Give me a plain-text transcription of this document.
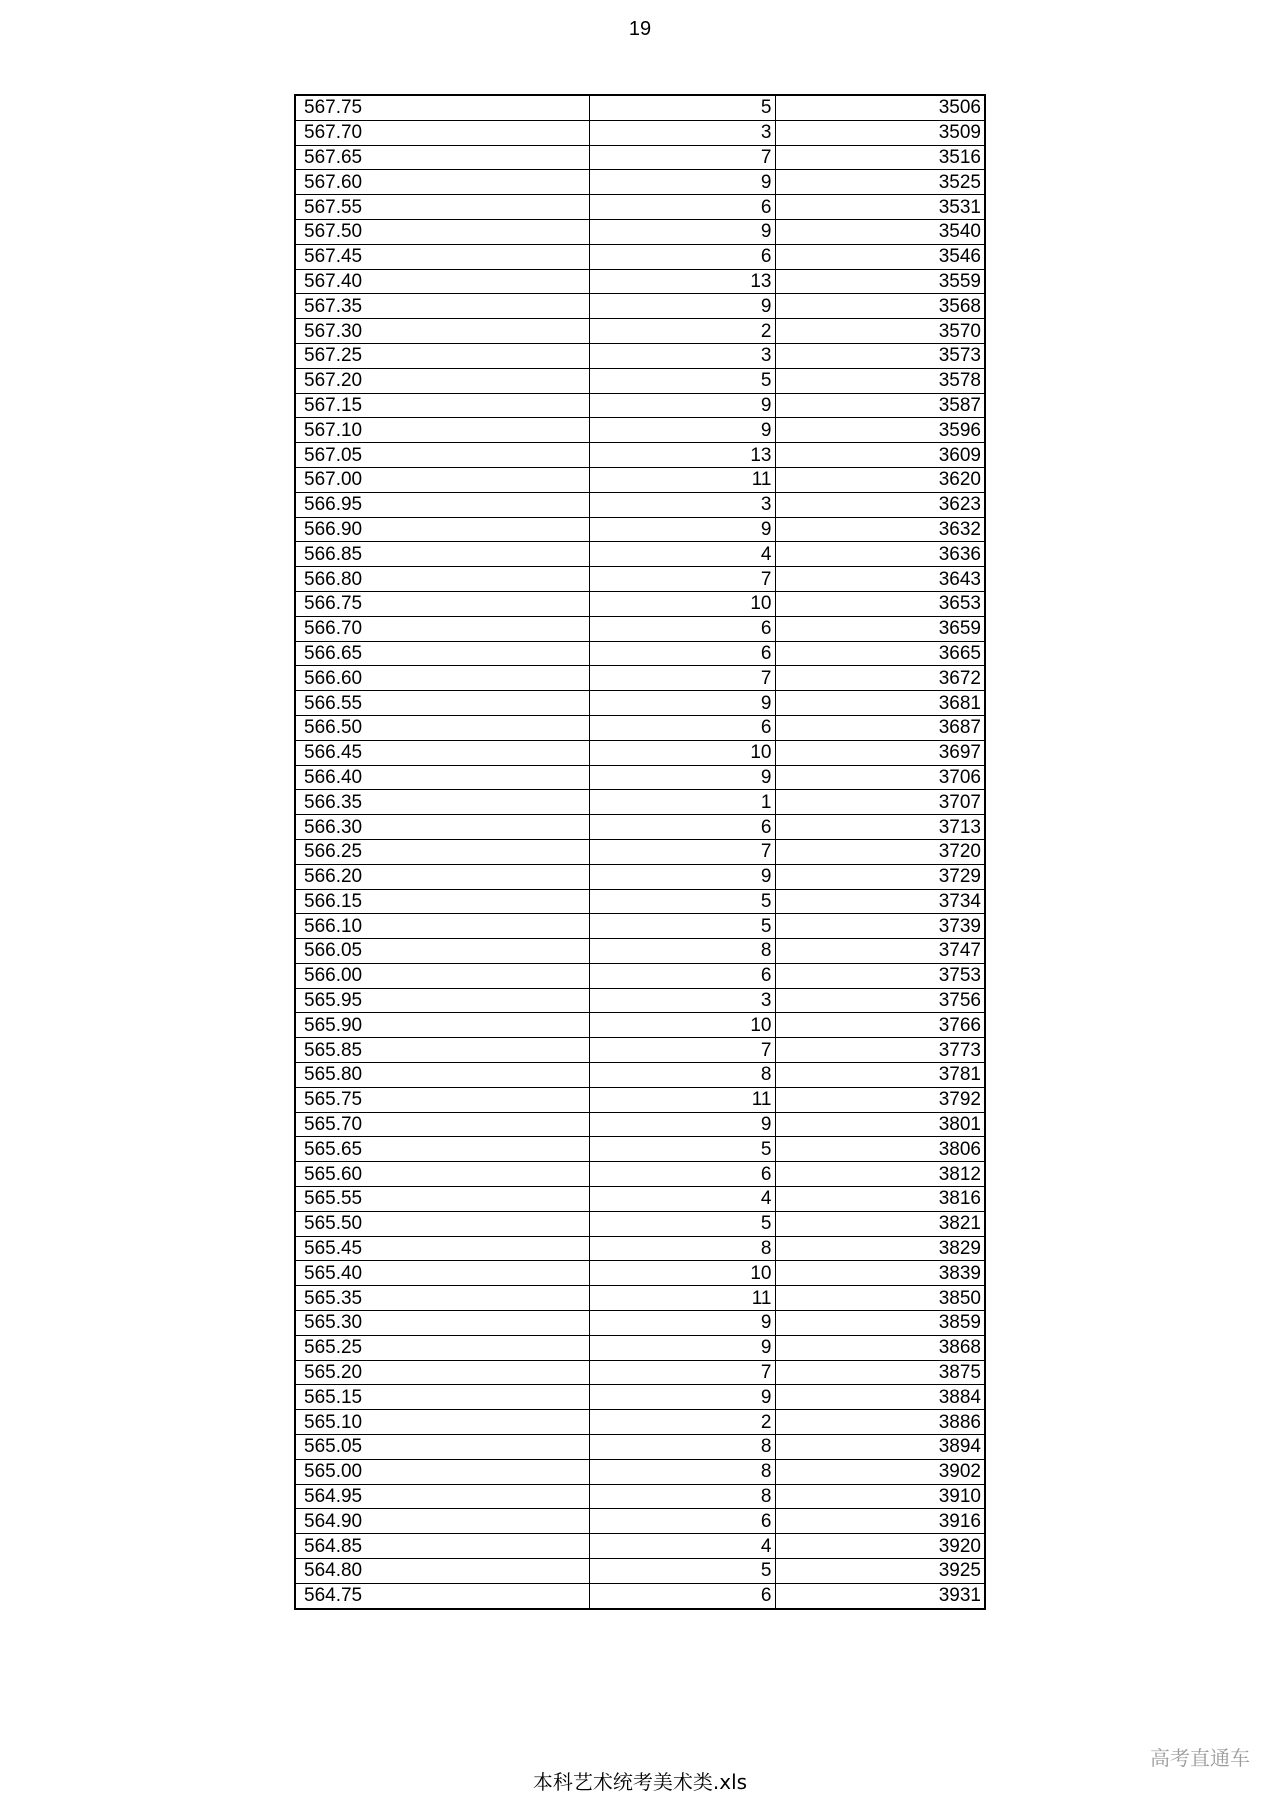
19
567.75	5	3506
567.70	3	3509
567.65	7	3516
567.60	9	3525
567.55	6	3531
567.50	9	3540
567.45	6	3546
567.40	13	3559
567.35	9	3568
567.30	2	3570
567.25	3	3573
567.20	5	3578
567.15	9	3587
567.10	9	3596
567.05	13	3609
567.00	11	3620
566.95	3	3623
566.90	9	3632
566.85	4	3636
566.80	7	3643
566.75	10	3653
566.70	6	3659
566.65	6	3665
566.60	7	3672
566.55	9	3681
566.50	6	3687
566.45	10	3697
566.40	9	3706
566.35	1	3707
566.30	6	3713
566.25	7	3720
566.20	9	3729
566.15	5	3734
566.10	5	3739
566.05	8	3747
566.00	6	3753
565.95	3	3756
565.90	10	3766
565.85	7	3773
565.80	8	3781
565.75	11	3792
565.70	9	3801
565.65	5	3806
565.60	6	3812
565.55	4	3816
565.50	5	3821
565.45	8	3829
565.40	10	3839
565.35	11	3850
565.30	9	3859
565.25	9	3868
565.20	7	3875
565.15	9	3884
565.10	2	3886
565.05	8	3894
565.00	8	3902
564.95	8	3910
564.90	6	3916
564.85	4	3920
564.80	5	3925
564.75	6	3931
本科艺术统考美术类.xls
高考直通车
